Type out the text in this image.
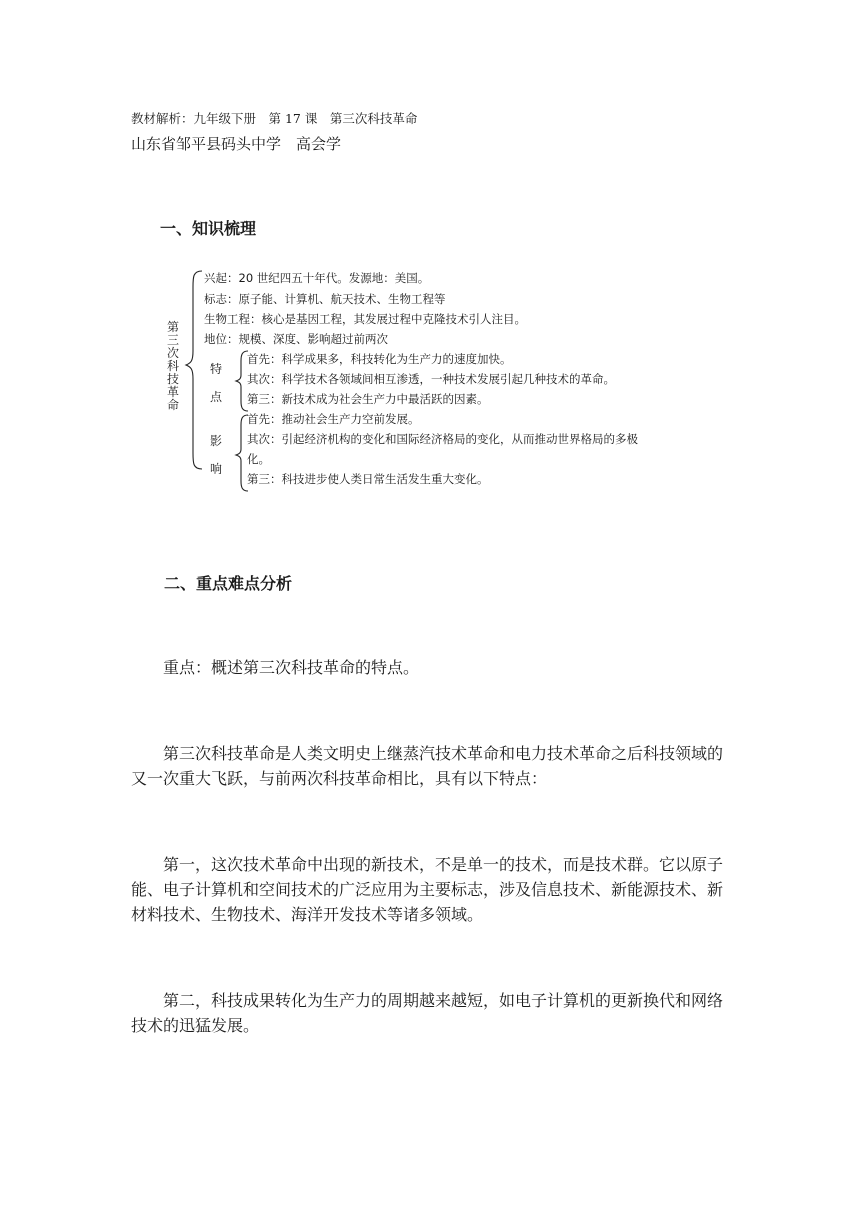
教材解析：九年级下册　第 17 课　第三次科技革命
山东省邹平县码头中学　高会学
一、知识梳理
第
三
次
科
技
革
命
兴起：20 世纪四五十年代。发源地：美国。
标志：原子能、计算机、航天技术、生物工程等
生物工程：核心是基因工程，其发展过程中克隆技术引人注目。
地位：规模、深度、影响超过前两次
特
点
首先：科学成果多，科技转化为生产力的速度加快。
其次：科学技术各领域间相互渗透，一种技术发展引起几种技术的革命。
第三：新技术成为社会生产力中最活跃的因素。
影
响
首先：推动社会生产力空前发展。
其次：引起经济机构的变化和国际经济格局的变化，从而推动世界格局的多极
化。
第三：科技进步使人类日常生活发生重大变化。
二、重点难点分析

重点：概述第三次科技革命的特点。

第三次科技革命是人类文明史上继蒸汽技术革命和电力技术革命之后科技领域的又一次重大飞跃，与前两次科技革命相比，具有以下特点：

第一，这次技术革命中出现的新技术，不是单一的技术，而是技术群。它以原子能、电子计算机和空间技术的广泛应用为主要标志，涉及信息技术、新能源技术、新材料技术、生物技术、海洋开发技术等诸多领域。

第二，科技成果转化为生产力的周期越来越短，如电子计算机的更新换代和网络技术的迅猛发展。
